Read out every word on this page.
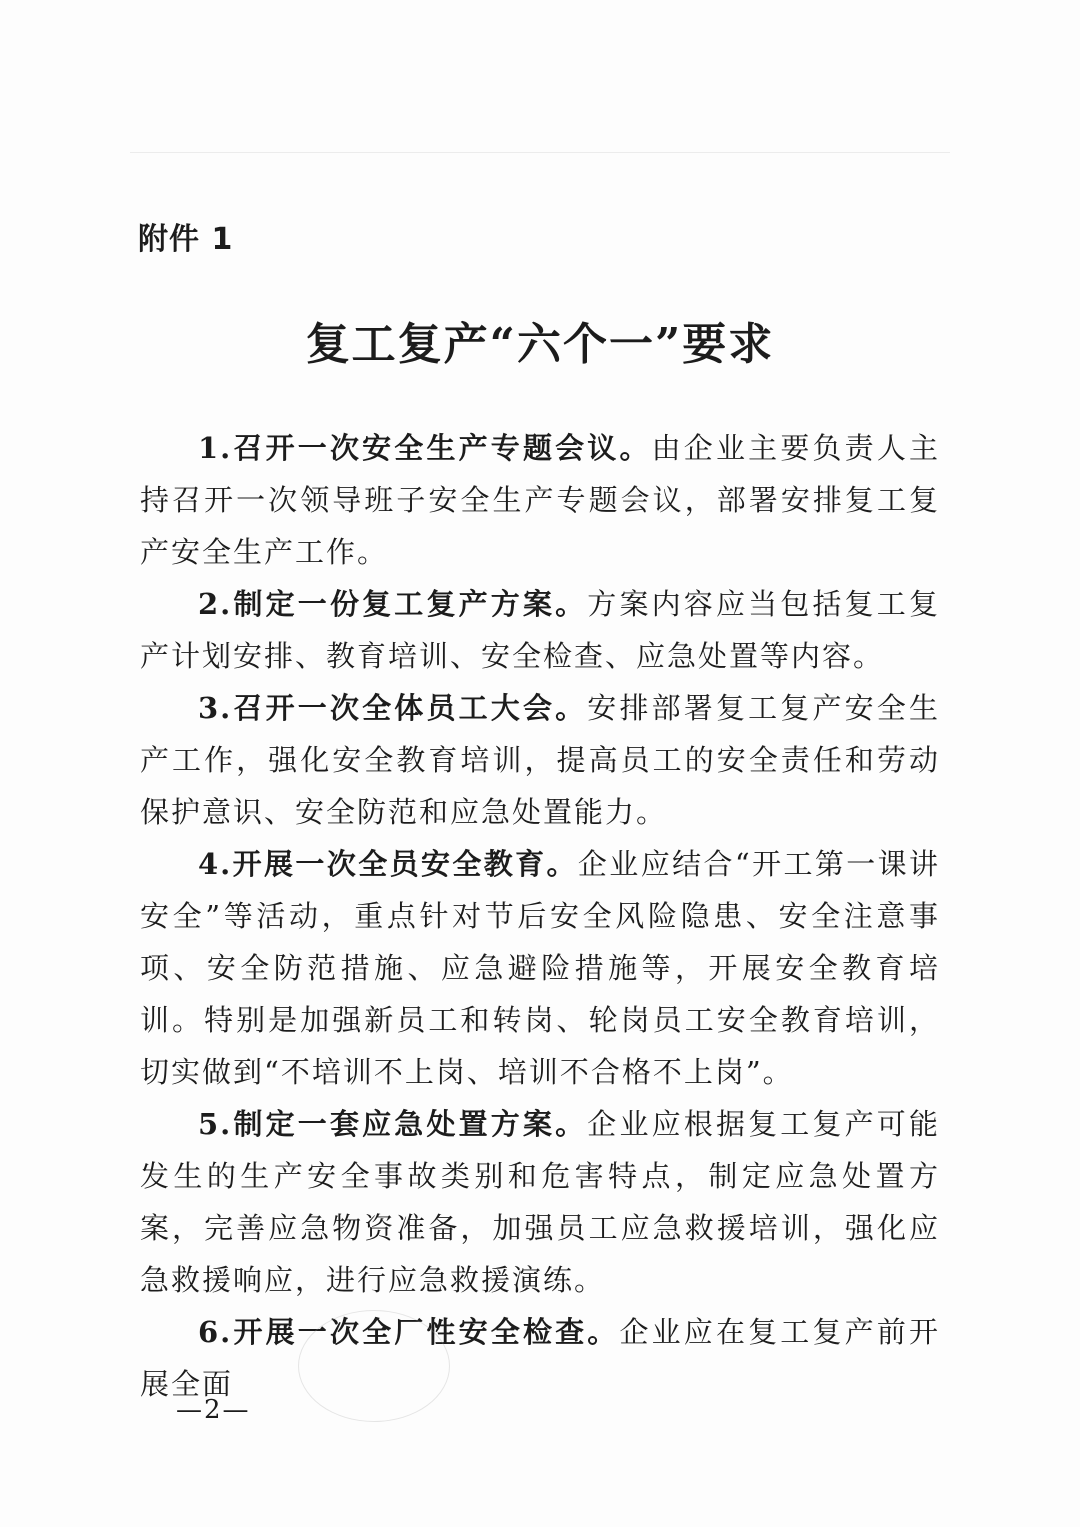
附件 1
复工复产“六个一”要求

1.召开一次安全生产专题会议。由企业主要负责人主持召开一次领导班子安全生产专题会议，部署安排复工复产安全生产工作。

2.制定一份复工复产方案。方案内容应当包括复工复产计划安排、教育培训、安全检查、应急处置等内容。

3.召开一次全体员工大会。安排部署复工复产安全生产工作，强化安全教育培训，提高员工的安全责任和劳动保护意识、安全防范和应急处置能力。

4.开展一次全员安全教育。企业应结合“开工第一课讲安全”等活动，重点针对节后安全风险隐患、安全注意事项、安全防范措施、应急避险措施等，开展安全教育培训。特别是加强新员工和转岗、轮岗员工安全教育培训，切实做到“不培训不上岗、培训不合格不上岗”。

5.制定一套应急处置方案。企业应根据复工复产可能发生的生产安全事故类别和危害特点，制定应急处置方案，完善应急物资准备，加强员工应急救援培训，强化应急救援响应，进行应急救援演练。

6.开展一次全厂性安全检查。企业应在复工复产前开展全面

—2—
